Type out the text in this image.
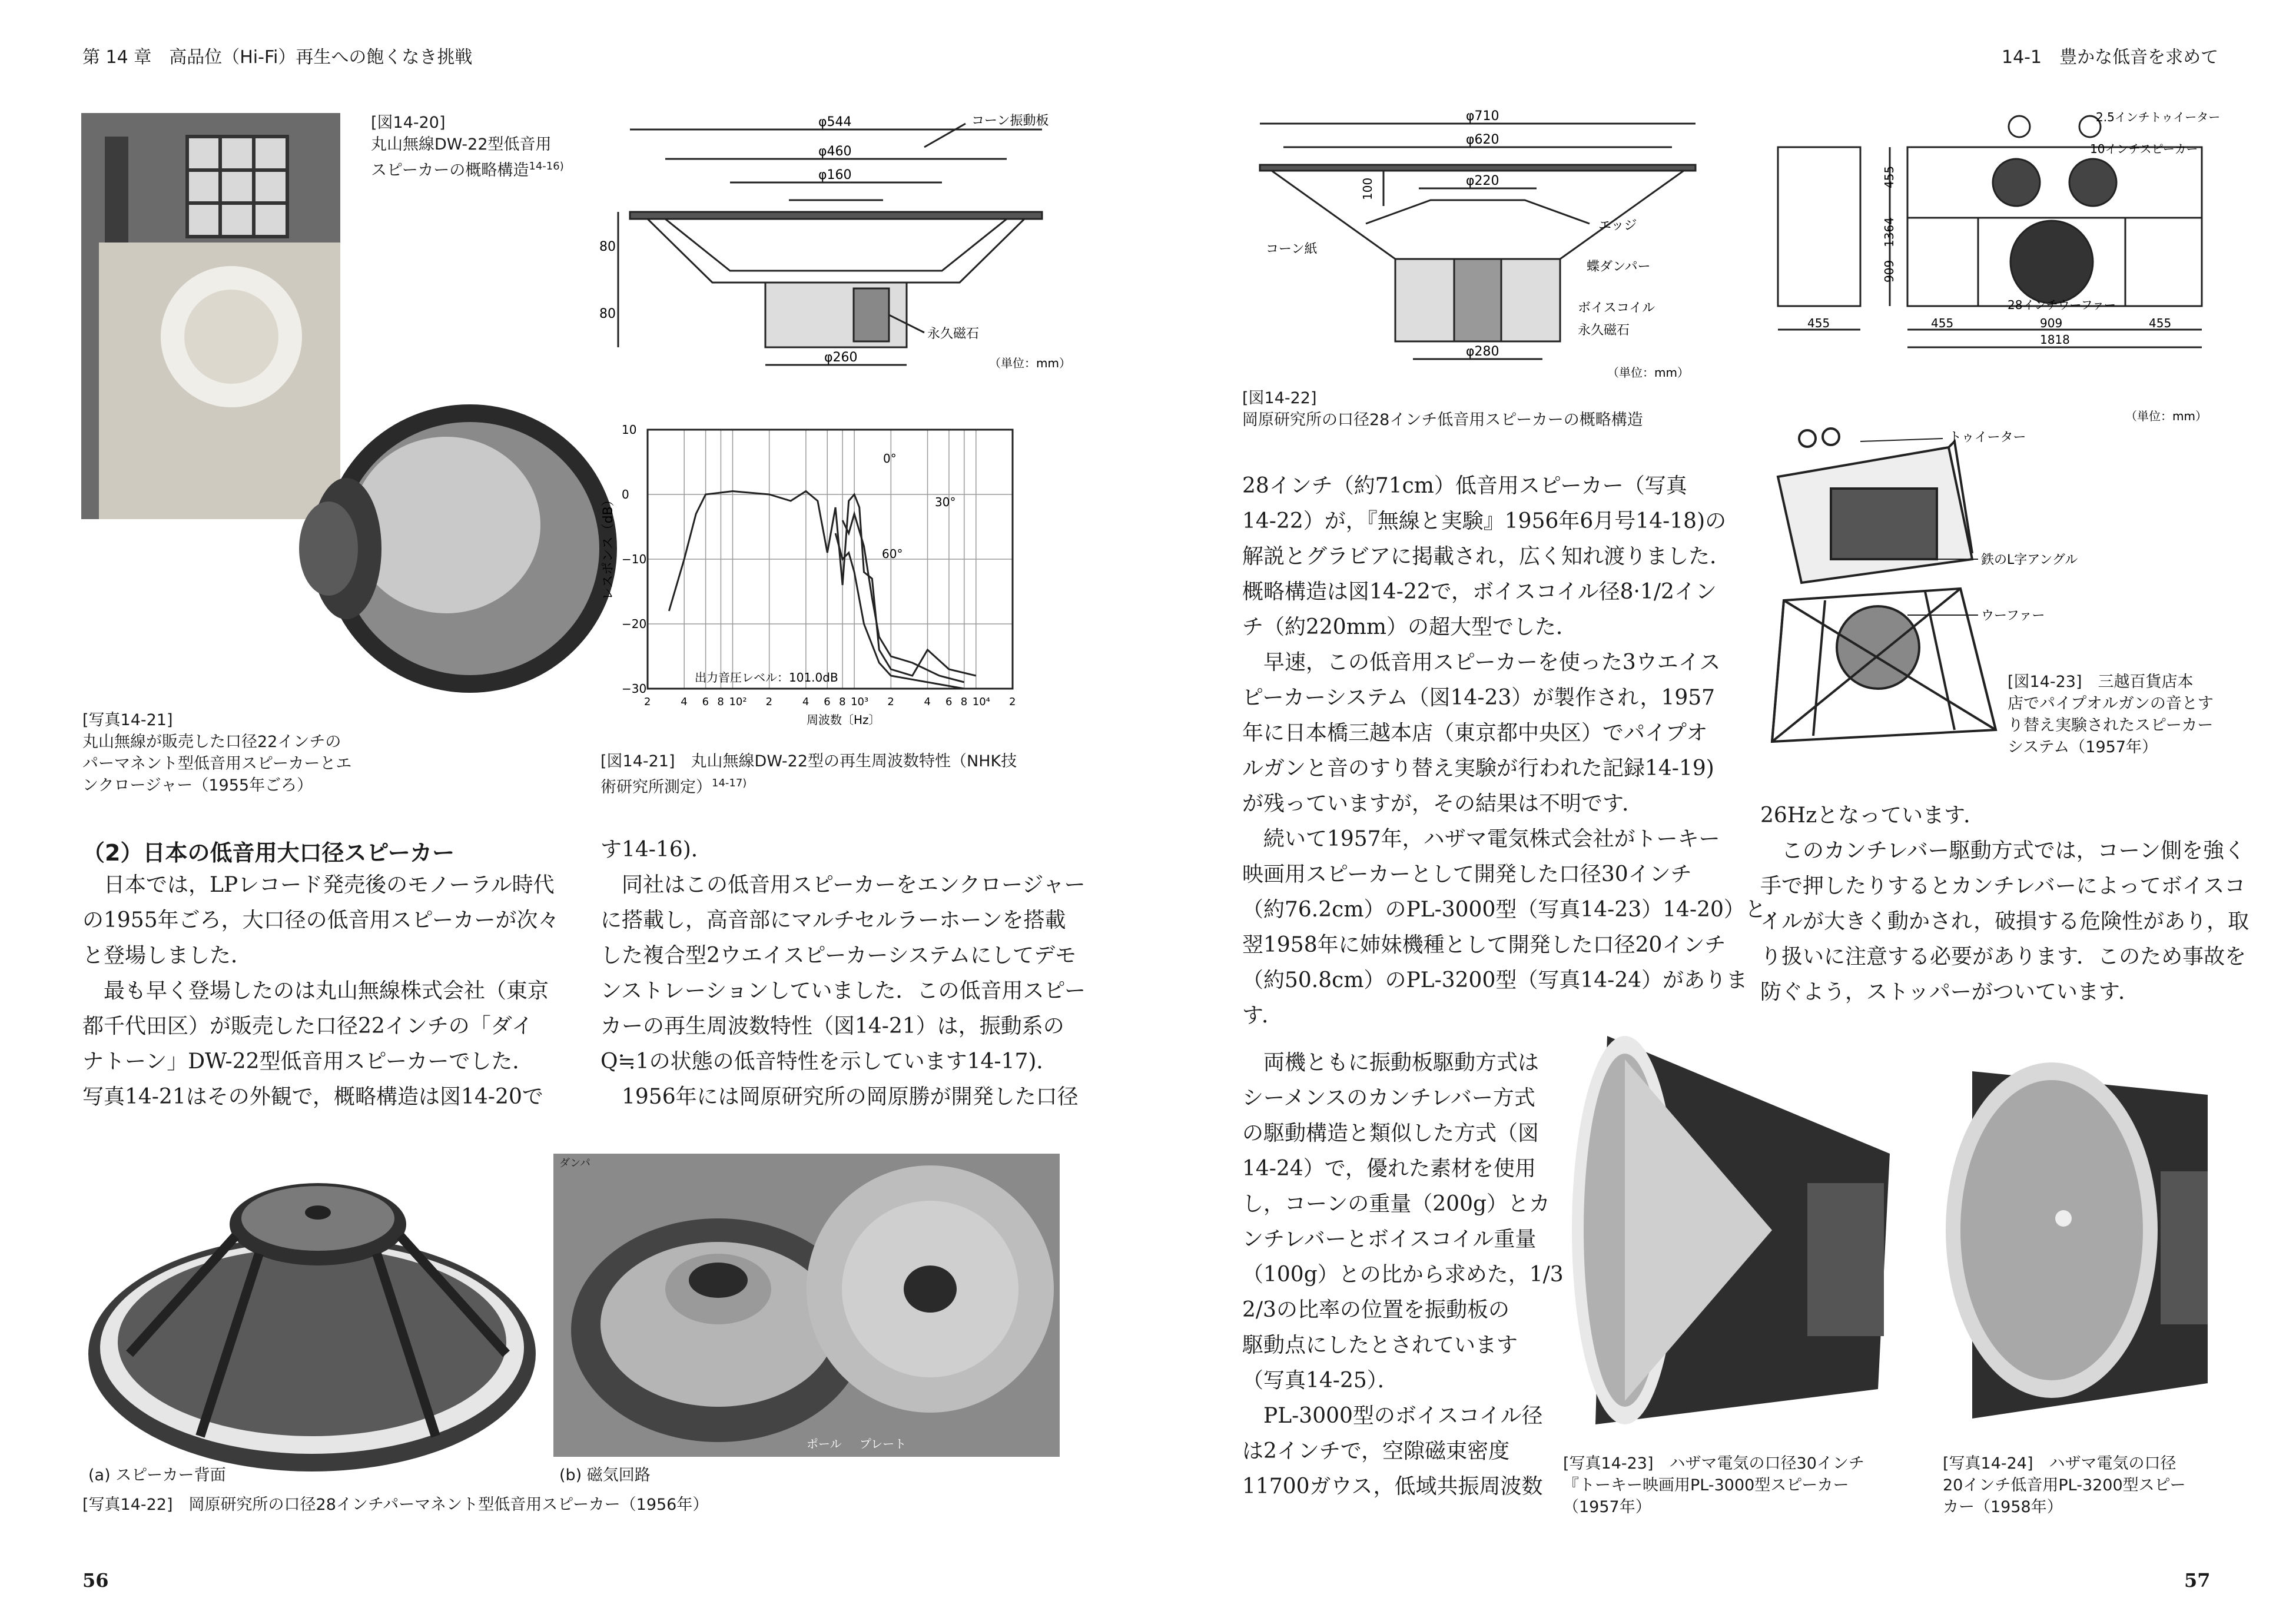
第 14 章　高品位（Hi-Fi）再生への飽くなき挑戦	14-1　豊かな低音を求めて
[図14-20]
丸山無線DW-22型低音用
スピーカーの概略構造$^{14-16)}$
コーン振動板
φ544
φ460
φ160
φ260
80
80
永久磁石
（単位：mm）
レスポンス（dB）
10
0
−10
−20
−30
2	4 6 8 10² 2	4 6 8 10³ 2	4 6 8 10⁴ 2
周波数〔Hz〕
0°
30°
60°
出力音圧レベル：101.0dB
[図14-21]　 丸山無線DW-22型の再生周波数特性（NHK技
術研究所測定）$^{14-17)}$
[写真14-21]
丸山無線が販売した口径22インチの
パーマネント型低音用スピーカーとエ
ンクロージャー（1955年ごろ）
（2）日本の低音用大口径スピーカー

　日本では，LPレコード発売後のモノーラル時代

の1955年ごろ，大口径の低音用スピーカーが次々

と登場しました．

　最も早く登場したのは丸山無線株式会社（東京

都千代田区）が販売した口径22インチの「ダイ

ナトーン」DW-22型低音用スピーカーでした．

写真14-21はその外観で，概略構造は図14-20で

す14-16)．

　同社はこの低音用スピーカーをエンクロージャー

に搭載し，高音部にマルチセルラーホーンを搭載

した複合型2ウエイスピーカーシステムにしてデモ

ンストレーションしていました．この低音用スピー

カーの再生周波数特性（図14-21）は，振動系の

Q≒1の状態の低音特性を示しています14-17)．

　1956年には岡原研究所の岡原勝が開発した口径

ダンパ
ポール プレート
(a) スピーカー背面	(b) 磁気回路
[写真14-22]　岡原研究所の口径28インチパーマネント型低音用スピーカー（1956年）
56
φ710
φ620
φ220
φ280
100
コーン紙
エッジ
蝶ダンパー
ボイスコイル
永久磁石
（単位：mm）
[図14-22]
岡原研究所の口径28インチ低音用スピーカーの概略構造
2.5インチトゥイーター
10インチスピーカー
28インチウーファー
455
1364
909
455	455	909	455
1818
（単位：mm）
トゥイーター
鉄のL字アングル
ウーファー
[図14-23]　三越百貨店本
店でパイプオルガンの音とす
り替え実験されたスピーカー
システム（1957年）

28インチ（約71cm）低音用スピーカー（写真

14-22）が，『無線と実験』1956年6月号14-18)の

解説とグラビアに掲載され，広く知れ渡りました．

概略構造は図14-22で，ボイスコイル径8·1/2イン

チ（約220mm）の超大型でした．

　早速，この低音用スピーカーを使った3ウエイス

ピーカーシステム（図14-23）が製作され，1957

年に日本橋三越本店（東京都中央区）でパイプオ

ルガンと音のすり替え実験が行われた記録14-19)

が残っていますが，その結果は不明です．

　続いて1957年，ハザマ電気株式会社がトーキー

映画用スピーカーとして開発した口径30インチ

（約76.2cm）のPL-3000型（写真14-23）14-20）と，

翌1958年に姉妹機種として開発した口径20インチ

（約50.8cm）のPL-3200型（写真14-24）がありま

す．

　両機ともに振動板駆動方式は

シーメンスのカンチレバー方式

の駆動構造と類似した方式（図

14-24）で，優れた素材を使用

し，コーンの重量（200g）とカ

ンチレバーとボイスコイル重量

（100g）との比から求めた，1/3

2/3の比率の位置を振動板の

駆動点にしたとされています

（写真14-25）．

　PL-3000型のボイスコイル径

は2インチで，空隙磁束密度

11700ガウス，低域共振周波数

26Hzとなっています．

　このカンチレバー駆動方式では，コーン側を強く

手で押したりするとカンチレバーによってボイスコ

イルが大きく動かされ，破損する危険性があり，取

り扱いに注意する必要があります．このため事故を

防ぐよう，ストッパーがついています．

[写真14-23]　ハザマ電気の口径30インチ
『トーキー映画用PL-3000型スピーカー
（1957年）
[写真14-24]　ハザマ電気の口径
20インチ低音用PL-3200型スピー
カー（1958年）
57
